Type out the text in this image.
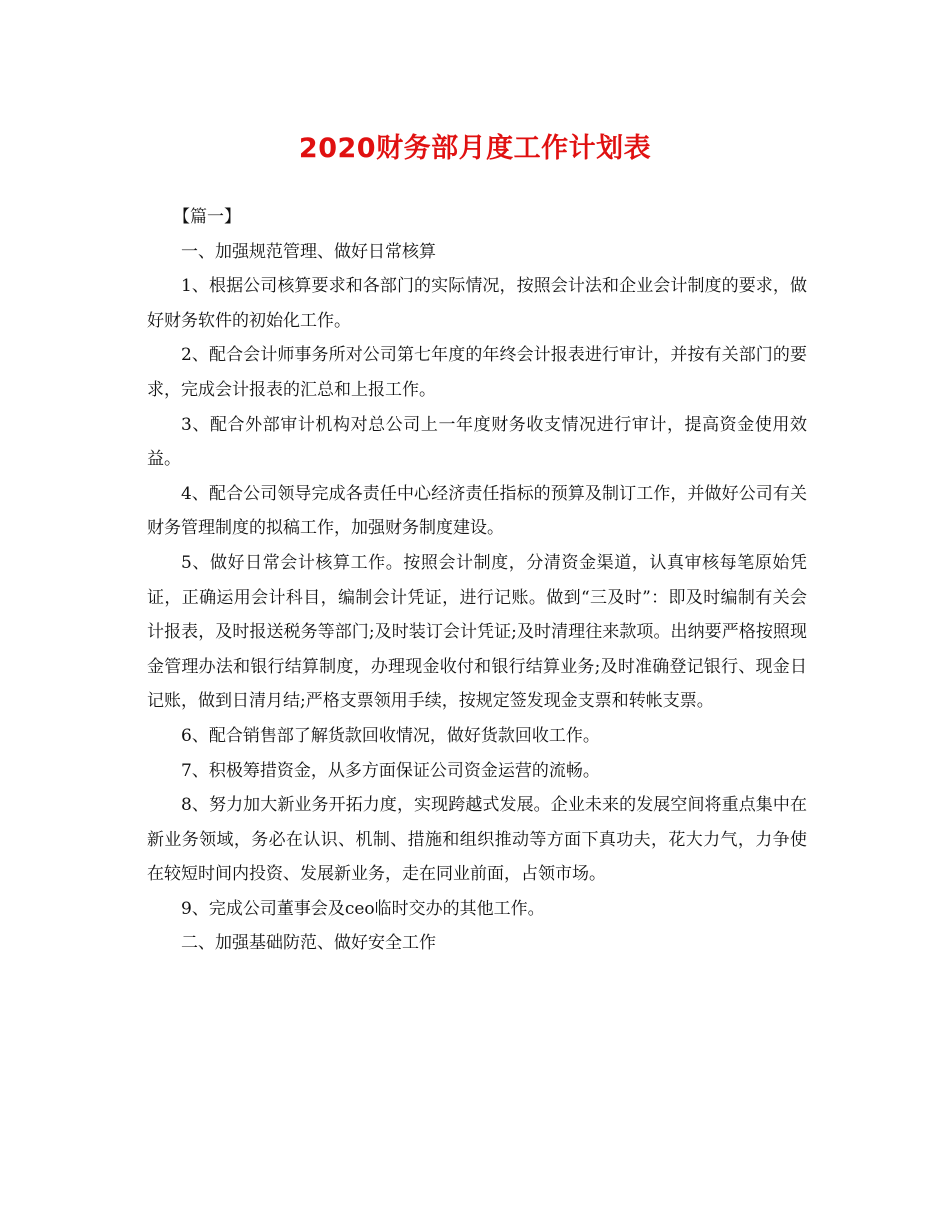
2020财务部月度工作计划表

【篇一】

一、加强规范管理、做好日常核算

1、根据公司核算要求和各部门的实际情况，按照会计法和企业会计制度的要求，做好财务软件的初始化工作。

2、配合会计师事务所对公司第七年度的年终会计报表进行审计，并按有关部门的要求，完成会计报表的汇总和上报工作。

3、配合外部审计机构对总公司上一年度财务收支情况进行审计，提高资金使用效益。

4、配合公司领导完成各责任中心经济责任指标的预算及制订工作，并做好公司有关财务管理制度的拟稿工作，加强财务制度建设。

5、做好日常会计核算工作。按照会计制度，分清资金渠道，认真审核每笔原始凭证，正确运用会计科目，编制会计凭证，进行记账。做到“三及时”：即及时编制有关会计报表，及时报送税务等部门;及时装订会计凭证;及时清理往来款项。出纳要严格按照现金管理办法和银行结算制度，办理现金收付和银行结算业务;及时准确登记银行、现金日记账，做到日清月结;严格支票领用手续，按规定签发现金支票和转帐支票。

6、配合销售部了解货款回收情况，做好货款回收工作。

7、积极筹措资金，从多方面保证公司资金运营的流畅。

8、努力加大新业务开拓力度，实现跨越式发展。企业未来的发展空间将重点集中在新业务领域，务必在认识、机制、措施和组织推动等方面下真功夫，花大力气，力争使在较短时间内投资、发展新业务，走在同业前面，占领市场。

9、完成公司董事会及ceo临时交办的其他工作。

二、加强基础防范、做好安全工作
